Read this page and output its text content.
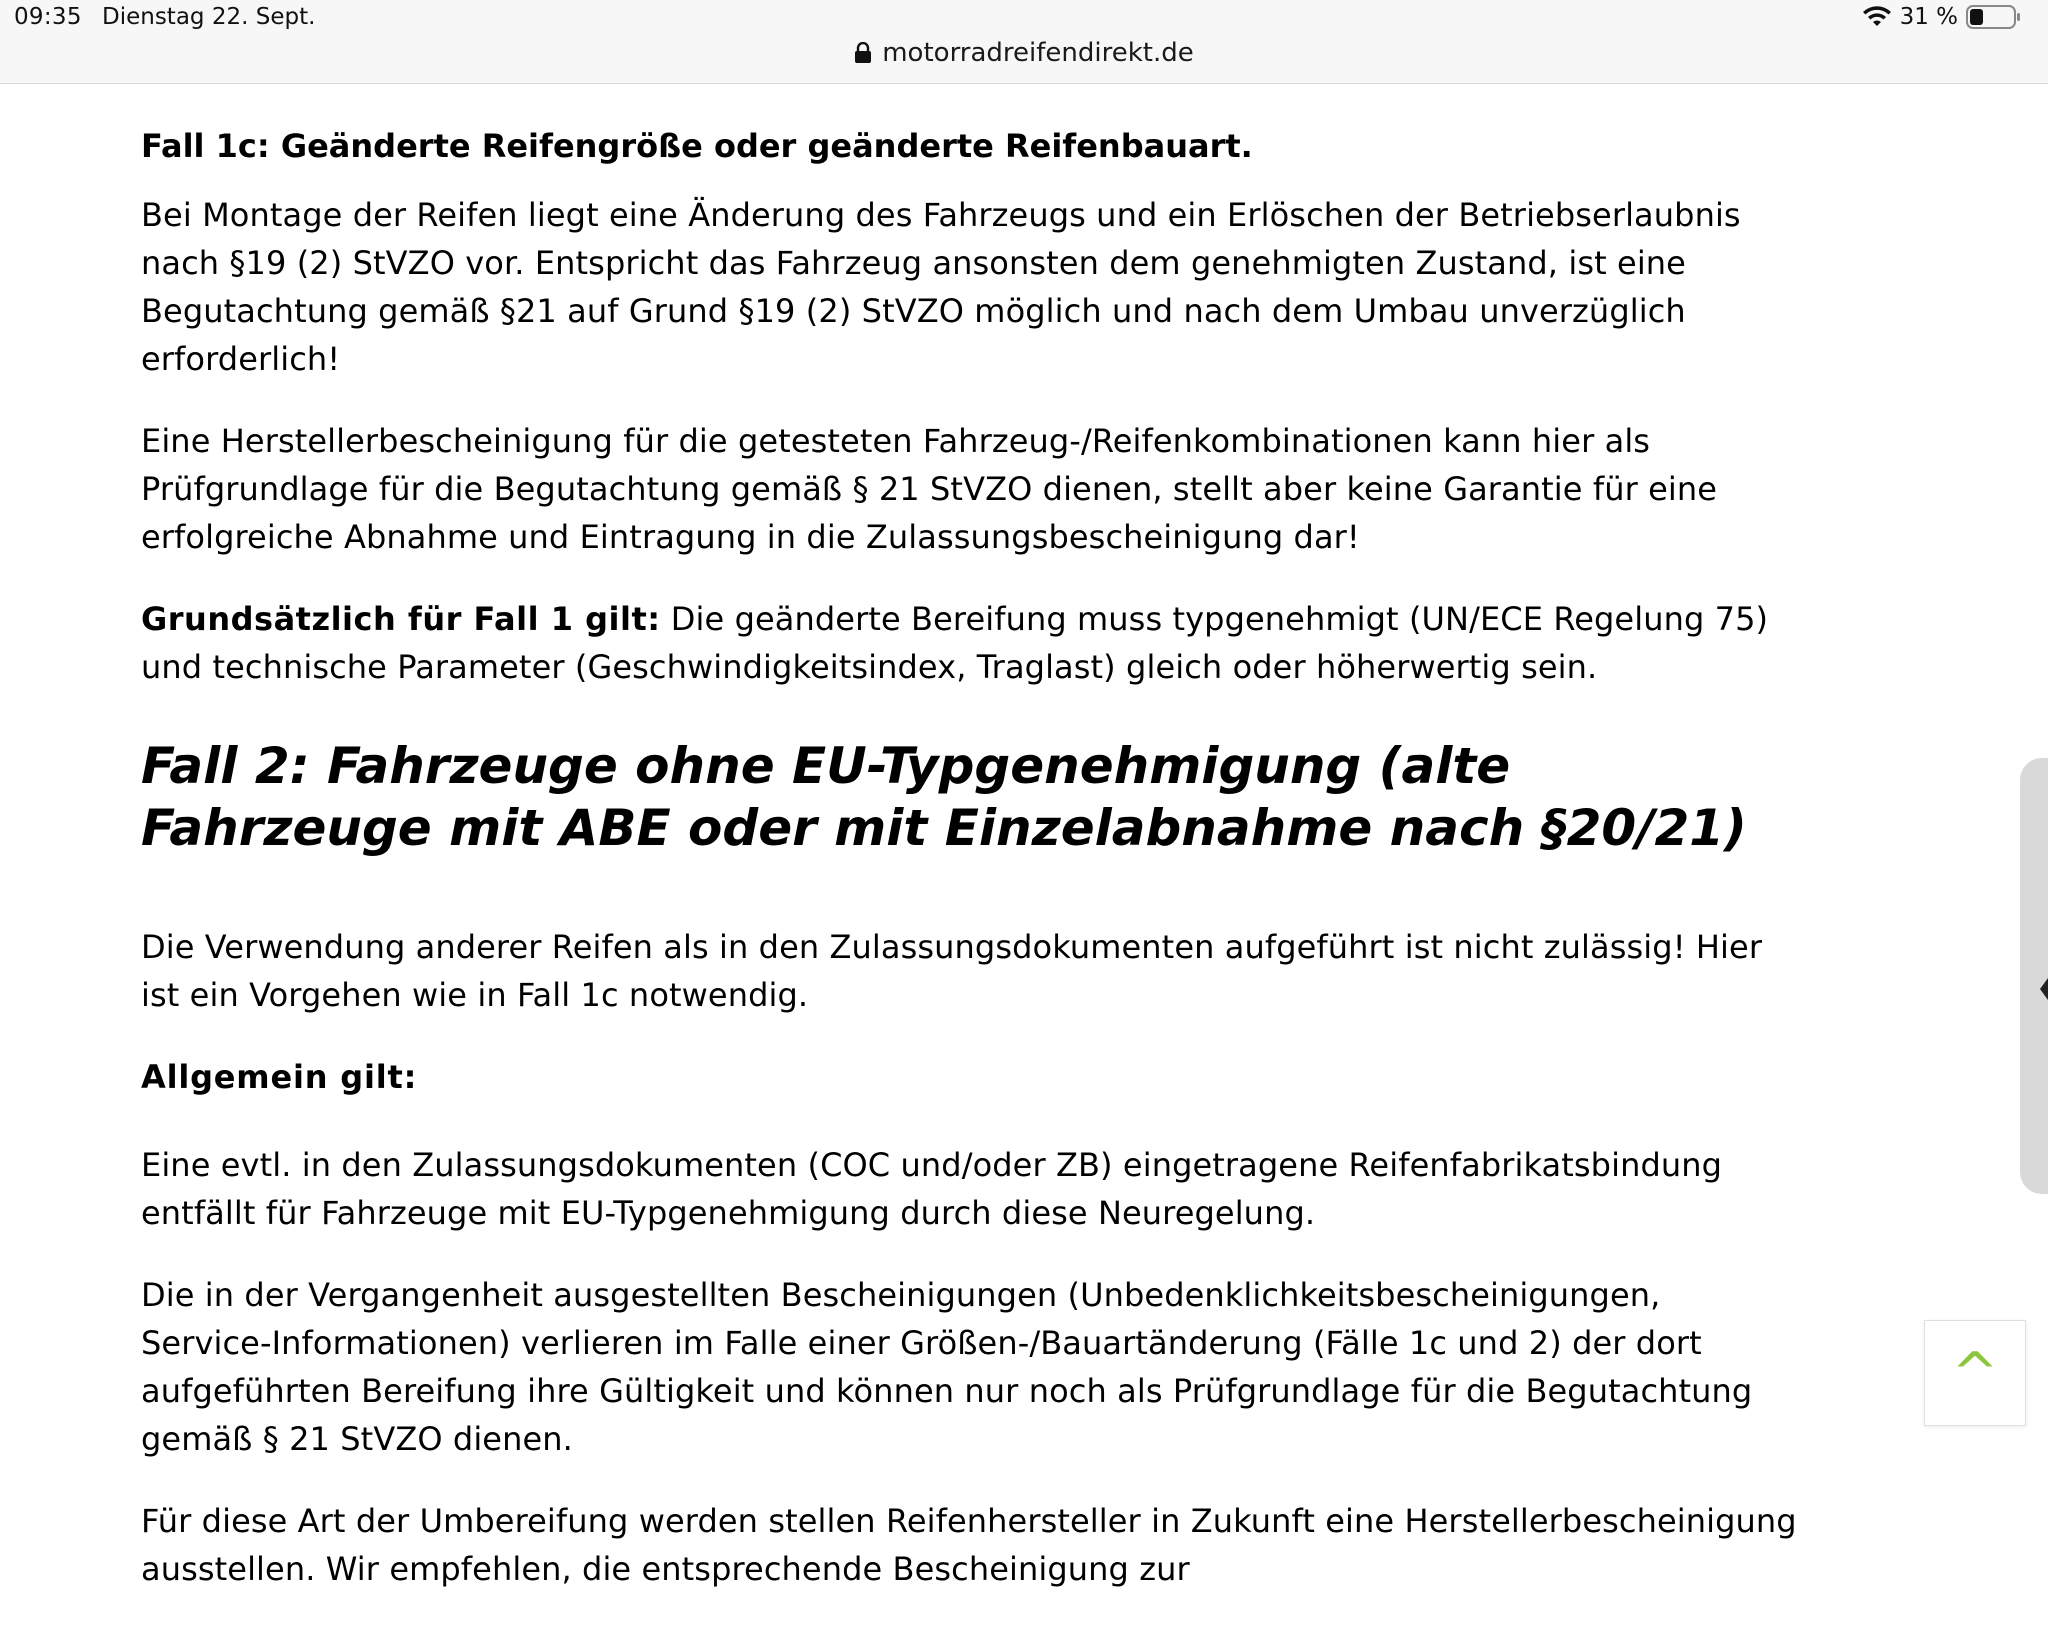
09:35 Dienstag 22. Sept.	31 %
motorradreifendirekt.de
Fall 1c: Geänderte Reifengröße oder geänderte Reifenbauart.

Bei Montage der Reifen liegt eine Änderung des Fahrzeugs und ein Erlöschen der Betriebserlaubnis nach §19 (2) StVZO vor. Entspricht das Fahrzeug ansonsten dem genehmigten Zustand, ist eine Begutachtung gemäß §21 auf Grund §19 (2) StVZO möglich und nach dem Umbau unverzüglich erforderlich!

Eine Herstellerbescheinigung für die getesteten Fahrzeug-/Reifenkombinationen kann hier als Prüfgrundlage für die Begutachtung gemäß § 21 StVZO dienen, stellt aber keine Garantie für eine erfolgreiche Abnahme und Eintragung in die Zulassungsbescheinigung dar!

Grundsätzlich für Fall 1 gilt: Die geänderte Bereifung muss typgenehmigt (UN/ECE Regelung 75) und technische Parameter (Geschwindigkeitsindex, Traglast) gleich oder höherwertig sein.

Fall 2: Fahrzeuge ohne EU-Typgenehmigung (alte Fahrzeuge mit ABE oder mit Einzelabnahme nach §20/21)

Die Verwendung anderer Reifen als in den Zulassungsdokumenten aufgeführt ist nicht zulässig! Hier ist ein Vorgehen wie in Fall 1c notwendig.

Allgemein gilt:

Eine evtl. in den Zulassungsdokumenten (COC und/oder ZB) eingetragene Reifenfabrikatsbindung entfällt für Fahrzeuge mit EU-Typgenehmigung durch diese Neuregelung.

Die in der Vergangenheit ausgestellten Bescheinigungen (Unbedenklichkeitsbescheinigungen, Service-Informationen) verlieren im Falle einer Größen-/Bauartänderung (Fälle 1c und 2) der dort aufgeführten Bereifung ihre Gültigkeit und können nur noch als Prüfgrundlage für die Begutachtung gemäß § 21 StVZO dienen.

Für diese Art der Umbereifung werden stellen Reifenhersteller in Zukunft eine Herstellerbescheinigung ausstellen. Wir empfehlen, die entsprechende Bescheinigung zur

^
